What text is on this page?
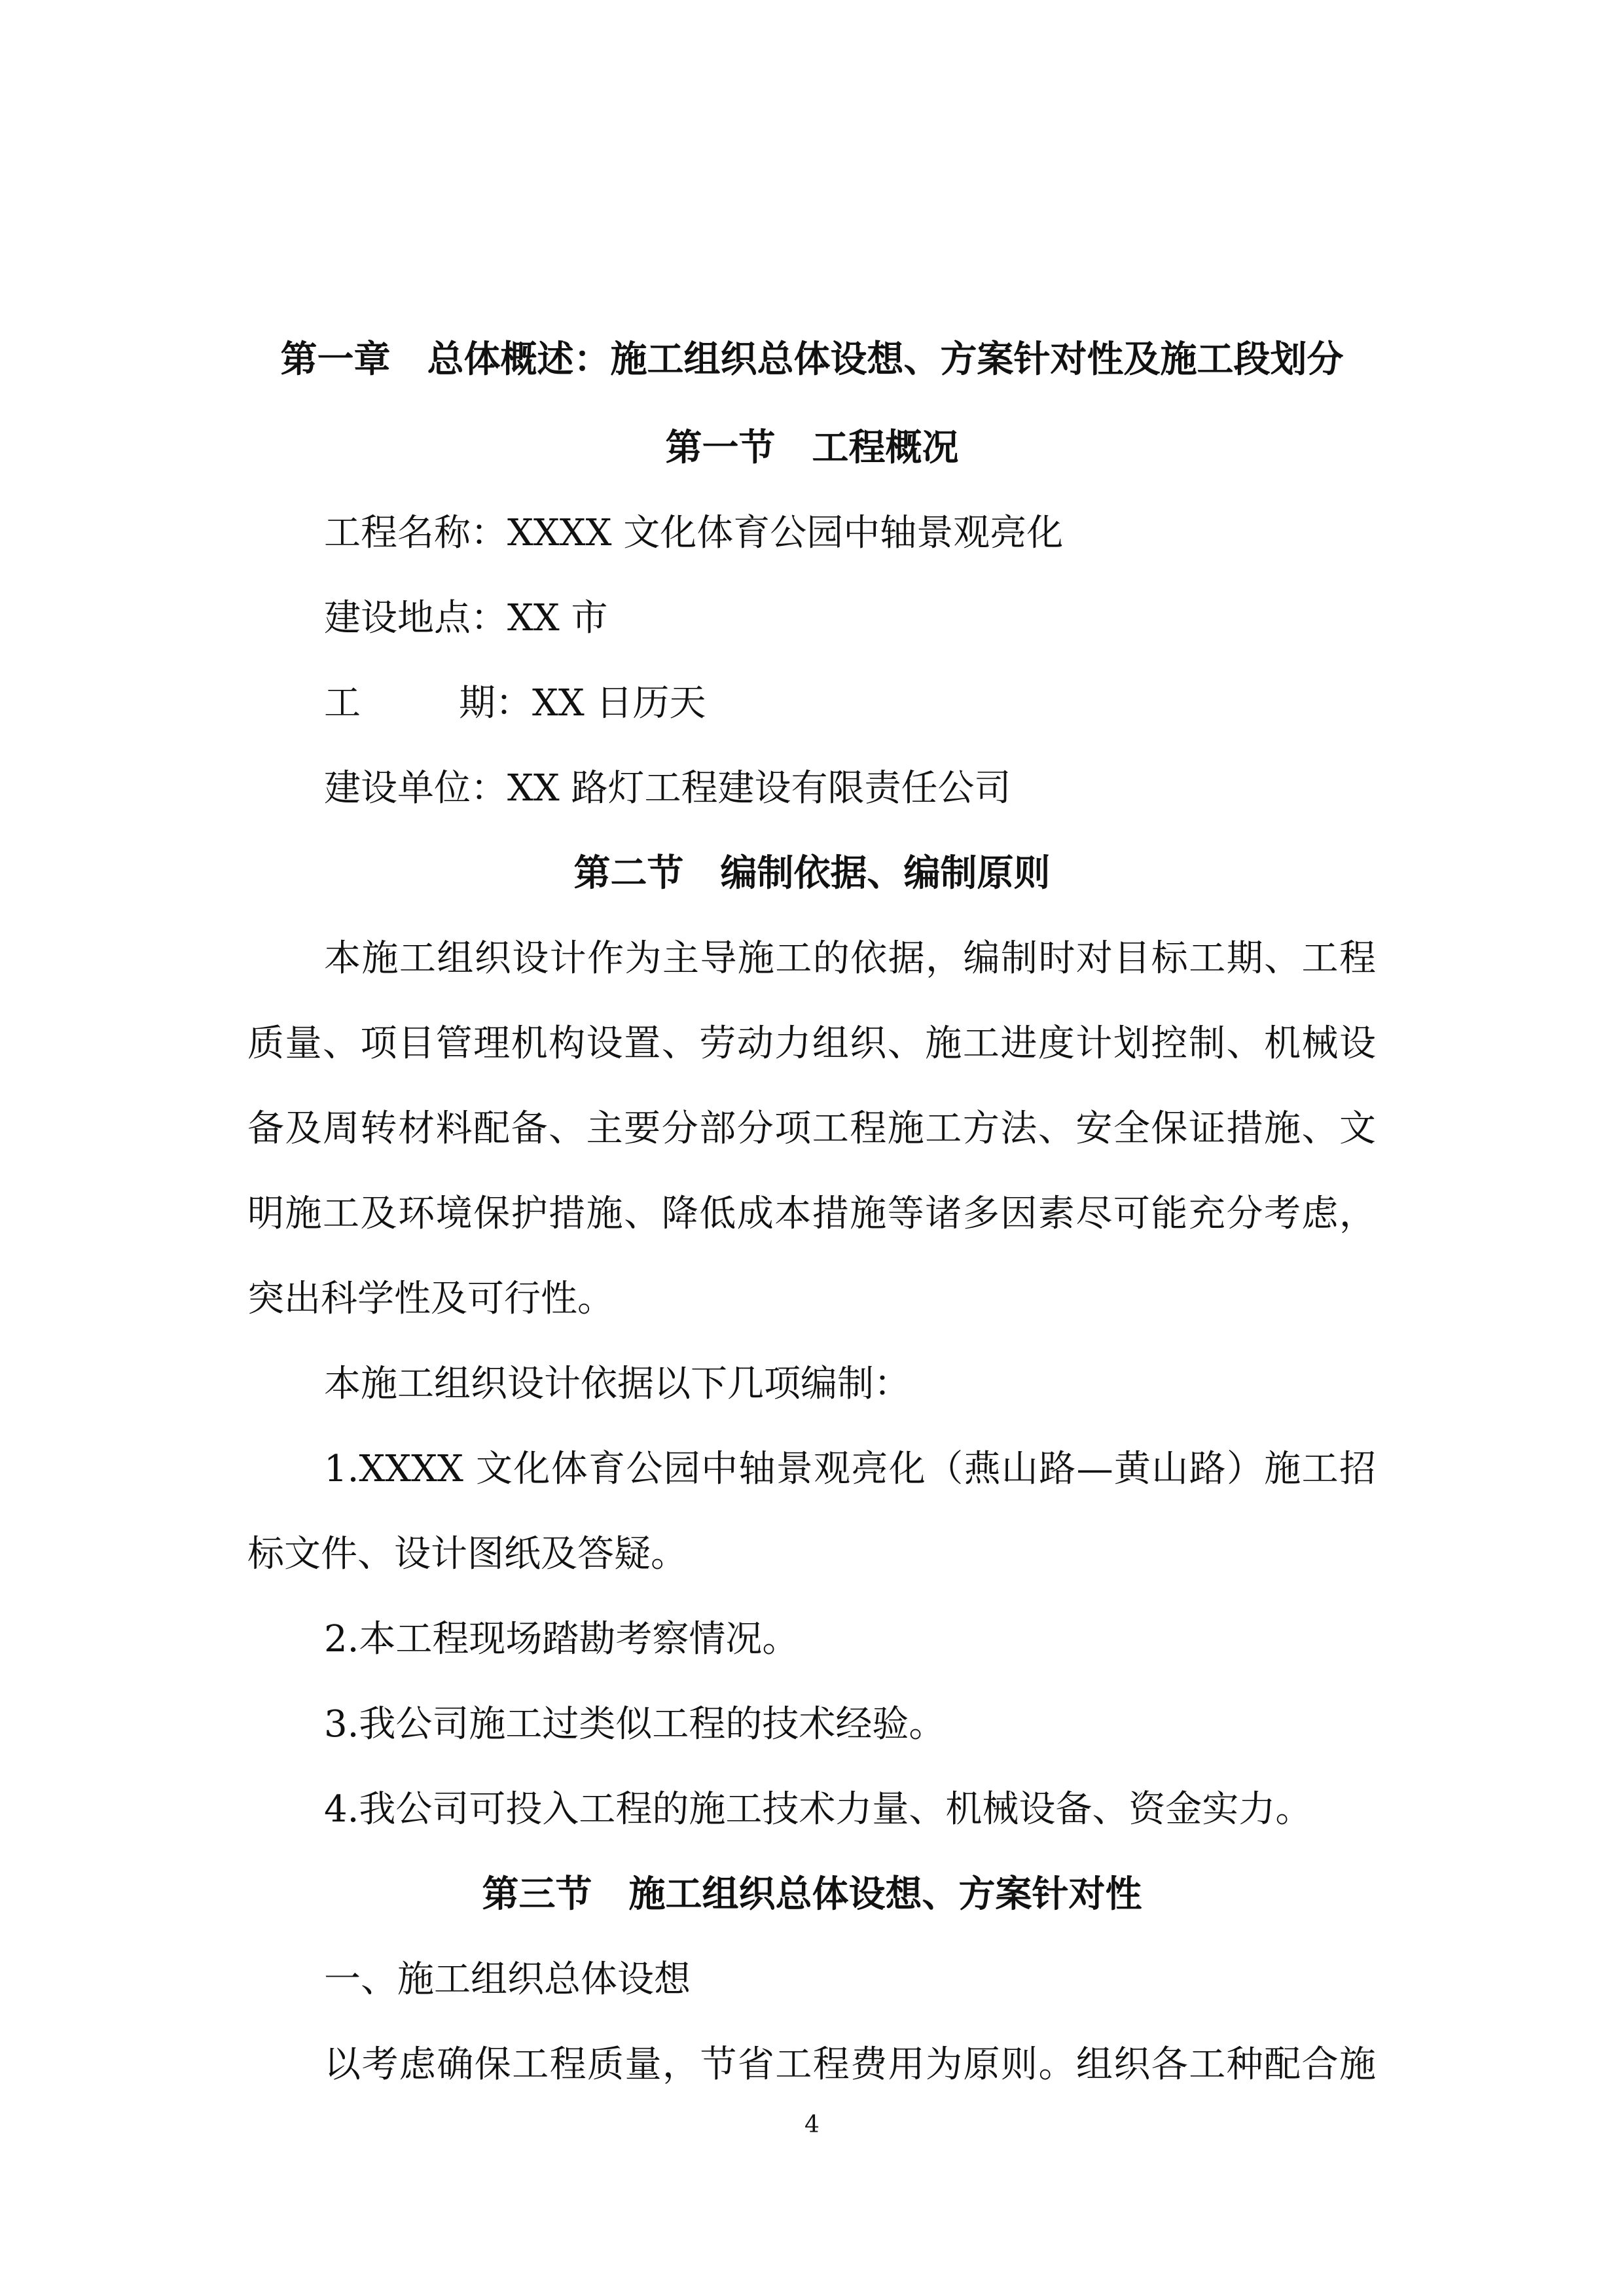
第一章 总体概述：施工组织总体设想、方案针对性及施工段划分
第一节 工程概况
工程名称：XXXX 文化体育公园中轴景观亮化
建设地点：XX 市
工	期：XX 日历天
建设单位：XX 路灯工程建设有限责任公司
第二节 编制依据、编制原则
本施工组织设计作为主导施工的依据，编制时对目标工期、工程
质量、项目管理机构设置、劳动力组织、施工进度计划控制、机械设
备及周转材料配备、主要分部分项工程施工方法、安全保证措施、文
明施工及环境保护措施、降低成本措施等诸多因素尽可能充分考虑，
突出科学性及可行性。
本施工组织设计依据以下几项编制：
1.XXXX 文化体育公园中轴景观亮化（燕山路—黄山路）施工招
标文件、设计图纸及答疑。
2.本工程现场踏勘考察情况。
3.我公司施工过类似工程的技术经验。
4.我公司可投入工程的施工技术力量、机械设备、资金实力。
第三节 施工组织总体设想、方案针对性
一、施工组织总体设想
以考虑确保工程质量，节省工程费用为原则。组织各工种配合施
4
